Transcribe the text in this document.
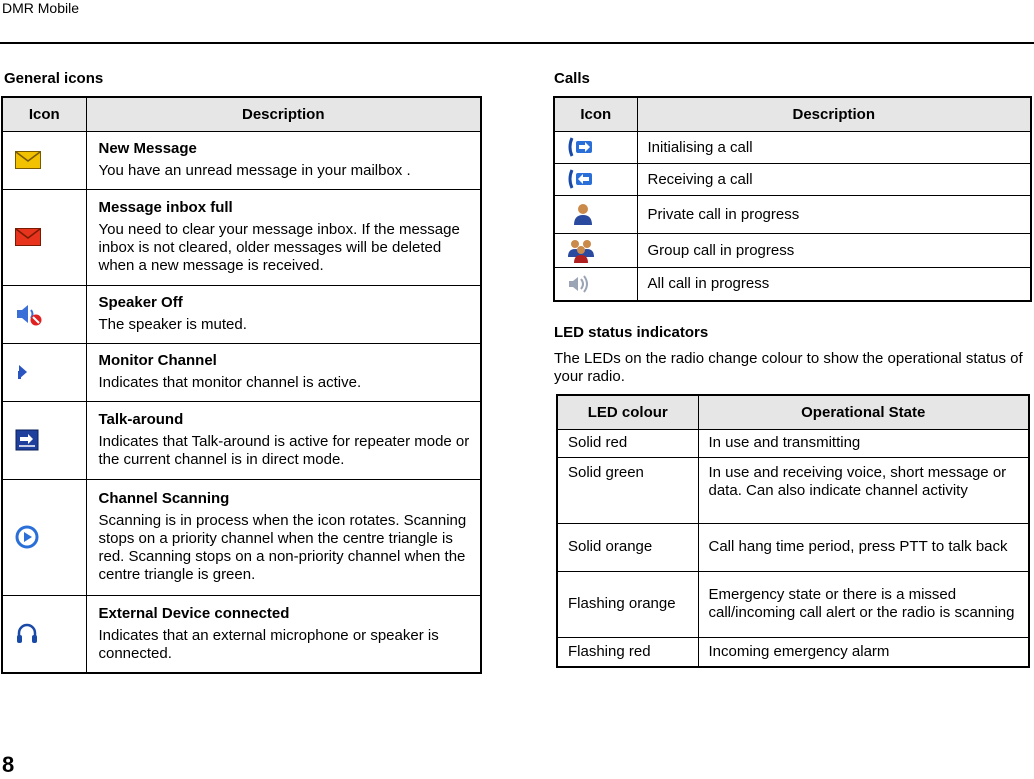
DMR Mobile
General icons
Icon	Description

New Message
You have an unread message in your mailbox .

Message inbox full
You need to clear your message inbox. If the message inbox is not cleared, older messages will be deleted when a new message is received.

Speaker Off
The speaker is muted.

Monitor Channel
Indicates that monitor channel is active.

Talk-around
Indicates that Talk-around is active for repeater mode or the current channel is in direct mode.

Channel Scanning
Scanning is in process when the icon rotates. Scanning stops on a priority channel when the centre triangle is red. Scanning stops on a non-priority channel when the centre triangle is green.

External Device connected
Indicates that an external microphone or speaker is connected.
Calls
Icon	Description

	Initialising a call

	Receiving a call

	Private call in progress

	Group call in progress

	All call in progress
LED status indicators
The LEDs on the radio change colour to show the operational status of your radio.
LED colour	Operational State
Solid red	In use and transmitting
Solid green	In use and receiving voice, short message or data. Can also indicate channel activity
Solid orange	Call hang time period, press PTT to talk back
Flashing orange	Emergency state or there is a missed call/incoming call alert or the radio is scanning
Flashing red	Incoming emergency alarm
8
